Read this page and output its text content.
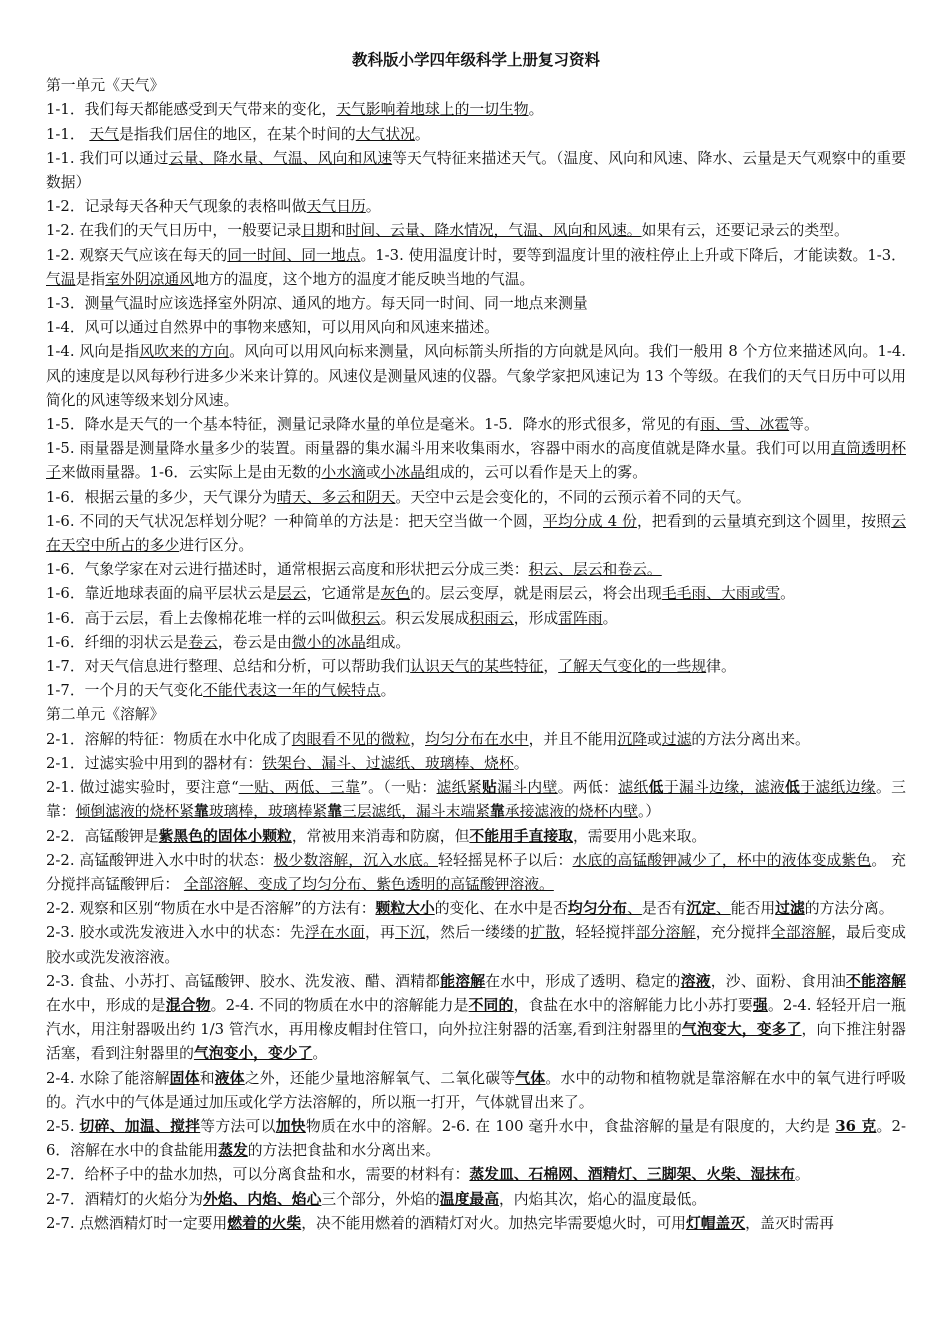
教科版小学四年级科学上册复习资料
第一单元《天气》
1-1．我们每天都能感受到天气带来的变化，天气影响着地球上的一切生物。
1-1． 天气是指我们居住的地区，在某个时间的大气状况。
1-1. 我们可以通过云量、降水量、气温、风向和风速等天气特征来描述天气。（温度、风向和风速、降水、云量是天气观察中的重要数据）
1-2．记录每天各种天气现象的表格叫做天气日历。
1-2. 在我们的天气日历中，一般要记录日期和时间、云量、降水情况，气温、风向和风速。如果有云，还要记录云的类型。
1-2. 观察天气应该在每天的同一时间、同一地点。1-3. 使用温度计时，要等到温度计里的液柱停止上升或下降后，才能读数。1-3．气温是指室外阴凉通风地方的温度，这个地方的温度才能反映当地的气温。
1-3．测量气温时应该选择室外阴凉、通风的地方。每天同一时间、同一地点来测量
1-4．风可以通过自然界中的事物来感知，可以用风向和风速来描述。
1-4. 风向是指风吹来的方向。风向可以用风向标来测量，风向标箭头所指的方向就是风向。我们一般用 8 个方位来描述风向。1-4. 风的速度是以风每秒行进多少米来计算的。风速仪是测量风速的仪器。气象学家把风速记为 13 个等级。在我们的天气日历中可以用简化的风速等级来划分风速。
1-5．降水是天气的一个基本特征，测量记录降水量的单位是毫米。1-5．降水的形式很多，常见的有雨、雪、冰雹等。
1-5. 雨量器是测量降水量多少的装置。雨量器的集水漏斗用来收集雨水，容器中雨水的高度值就是降水量。我们可以用直筒透明杯子来做雨量器。1-6．云实际上是由无数的小水滴或小冰晶组成的，云可以看作是天上的雾。
1-6．根据云量的多少，天气课分为晴天、多云和阴天。天空中云是会变化的，不同的云预示着不同的天气。
1-6. 不同的天气状况怎样划分呢？一种简单的方法是：把天空当做一个圆，平均分成 4 份，把看到的云量填充到这个圆里，按照云在天空中所占的多少进行区分。
1-6．气象学家在对云进行描述时，通常根据云高度和形状把云分成三类：积云、层云和卷云。
1-6．靠近地球表面的扁平层状云是层云，它通常是灰色的。层云变厚，就是雨层云，将会出现毛毛雨、大雨或雪。
1-6．高于云层，看上去像棉花堆一样的云叫做积云。积云发展成积雨云，形成雷阵雨。
1-6．纤细的羽状云是卷云，卷云是由微小的冰晶组成。
1-7．对天气信息进行整理、总结和分析，可以帮助我们认识天气的某些特征，了解天气变化的一些规律。
1-7．一个月的天气变化不能代表这一年的气候特点。
第二单元《溶解》
2-1．溶解的特征：物质在水中化成了肉眼看不见的微粒，均匀分布在水中，并且不能用沉降或过滤的方法分离出来。
2-1．过滤实验中用到的器材有：铁架台、漏斗、过滤纸、玻璃棒、烧杯。
2-1. 做过滤实验时，要注意“一贴、两低、三靠”。（一贴：滤纸紧贴漏斗内壁。两低：滤纸低于漏斗边缘，滤液低于滤纸边缘。三靠：倾倒滤液的烧杯紧靠玻璃棒，玻璃棒紧靠三层滤纸，漏斗末端紧靠承接滤液的烧杯内壁。）
2-2．高锰酸钾是紫黑色的固体小颗粒，常被用来消毒和防腐，但不能用手直接取，需要用小匙来取。
2-2. 高锰酸钾进入水中时的状态：极少数溶解，沉入水底。轻轻摇晃杯子以后：水底的高锰酸钾减少了，杯中的液体变成紫色。 充分搅拌高锰酸钾后： 全部溶解、变成了均匀分布、紫色透明的高锰酸钾溶液。
2-2. 观察和区别“物质在水中是否溶解”的方法有：颗粒大小的变化、在水中是否均匀分布、是否有沉定、能否用过滤的方法分离。
2-3. 胶水或洗发液进入水中的状态：先浮在水面，再下沉，然后一缕缕的扩散，轻轻搅拌部分溶解，充分搅拌全部溶解，最后变成胶水或洗发液溶液。
2-3. 食盐、小苏打、高锰酸钾、胶水、洗发液、醋、酒精都能溶解在水中，形成了透明、稳定的溶液，沙、面粉、食用油不能溶解在水中，形成的是混合物。2-4. 不同的物质在水中的溶解能力是不同的，食盐在水中的溶解能力比小苏打要强。2-4. 轻轻开启一瓶汽水，用注射器吸出约 1/3 管汽水，再用橡皮帽封住管口，向外拉注射器的活塞,看到注射器里的气泡变大，变多了，向下推注射器活塞，看到注射器里的气泡变小，变少了。
2-4. 水除了能溶解固体和液体之外，还能少量地溶解氧气、二氧化碳等气体。水中的动物和植物就是靠溶解在水中的氧气进行呼吸的。汽水中的气体是通过加压或化学方法溶解的，所以瓶一打开，气体就冒出来了。
2-5. 切碎、加温、搅拌等方法可以加快物质在水中的溶解。2-6. 在 100 毫升水中，食盐溶解的量是有限度的，大约是 36 克。2-6．溶解在水中的食盐能用蒸发的方法把食盐和水分离出来。
2-7．给杯子中的盐水加热，可以分离食盐和水，需要的材料有：蒸发皿、石棉网、酒精灯、三脚架、火柴、湿抹布。
2-7．酒精灯的火焰分为外焰、内焰、焰心三个部分，外焰的温度最高，内焰其次，焰心的温度最低。
2-7. 点燃酒精灯时一定要用燃着的火柴，决不能用燃着的酒精灯对火。加热完毕需要熄火时，可用灯帽盖灭，盖灭时需再
